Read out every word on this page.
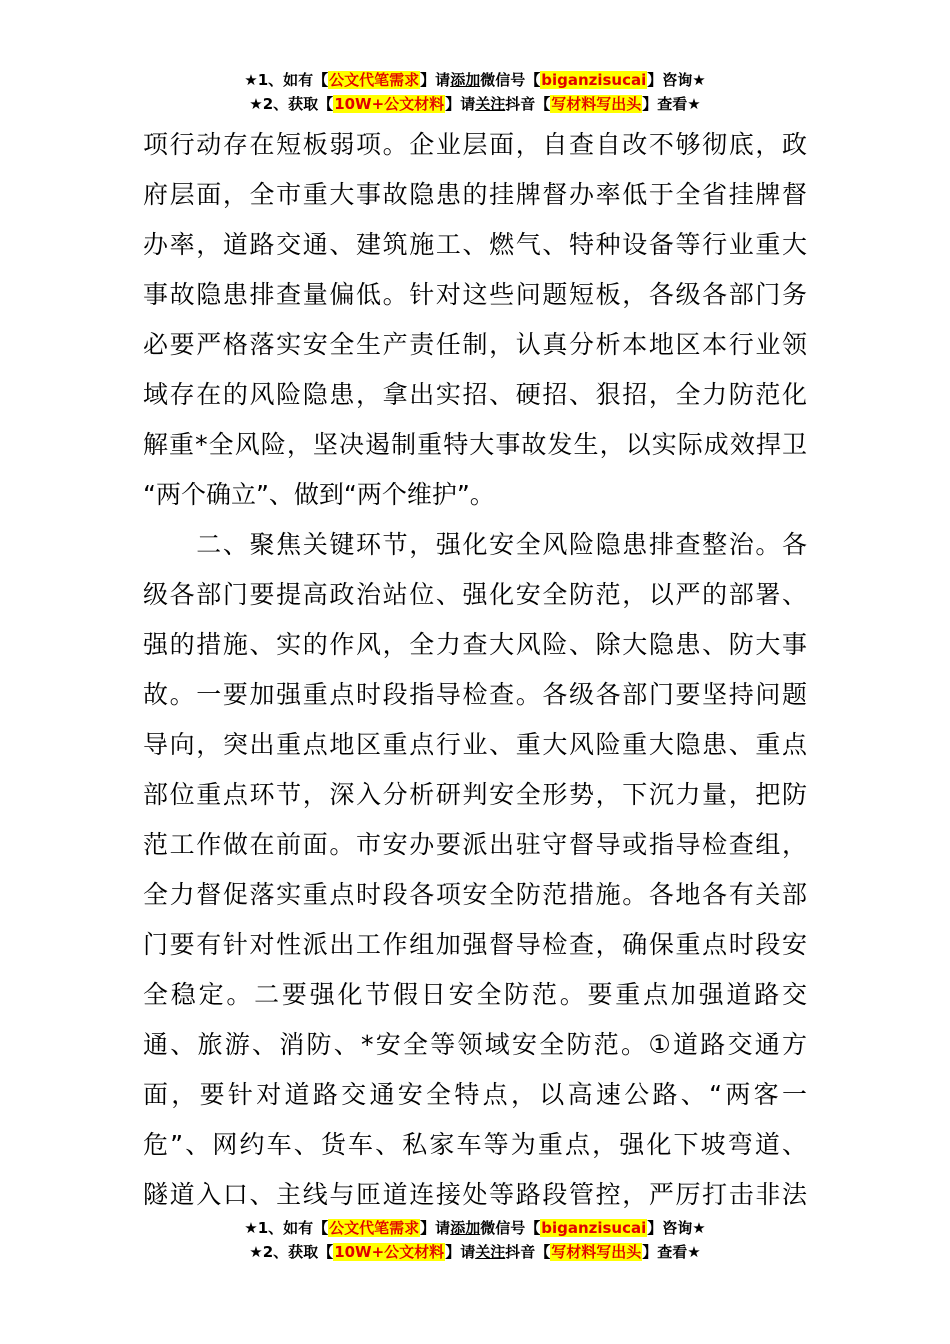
★1、如有【公文代笔需求】请添加微信号【biganzisucai】咨询★
★2、获取【10W+公文材料】请关注抖音【写材料写出头】查看★
项行动存在短板弱项。企业层面，自查自改不够彻底，政
府层面，全市重大事故隐患的挂牌督办率低于全省挂牌督
办率，道路交通、建筑施工、燃气、特种设备等行业重大
事故隐患排查量偏低。针对这些问题短板，各级各部门务
必要严格落实安全生产责任制，认真分析本地区本行业领
域存在的风险隐患，拿出实招、硬招、狠招，全力防范化
解重*全风险，坚决遏制重特大事故发生，以实际成效捍卫
“两个确立”、做到“两个维护”。
　　二、聚焦关键环节，强化安全风险隐患排查整治。各
级各部门要提高政治站位、强化安全防范，以严的部署、
强的措施、实的作风，全力查大风险、除大隐患、防大事
故。一要加强重点时段指导检查。各级各部门要坚持问题
导向，突出重点地区重点行业、重大风险重大隐患、重点
部位重点环节，深入分析研判安全形势，下沉力量，把防
范工作做在前面。市安办要派出驻守督导或指导检查组，
全力督促落实重点时段各项安全防范措施。各地各有关部
门要有针对性派出工作组加强督导检查，确保重点时段安
全稳定。二要强化节假日安全防范。要重点加强道路交
通、旅游、消防、*安全等领域安全防范。①道路交通方
面，要针对道路交通安全特点，以高速公路、“两客一
危”、网约车、货车、私家车等为重点，强化下坡弯道、
隧道入口、主线与匝道连接处等路段管控，严厉打击非法
★1、如有【公文代笔需求】请添加微信号【biganzisucai】咨询★
★2、获取【10W+公文材料】请关注抖音【写材料写出头】查看★
